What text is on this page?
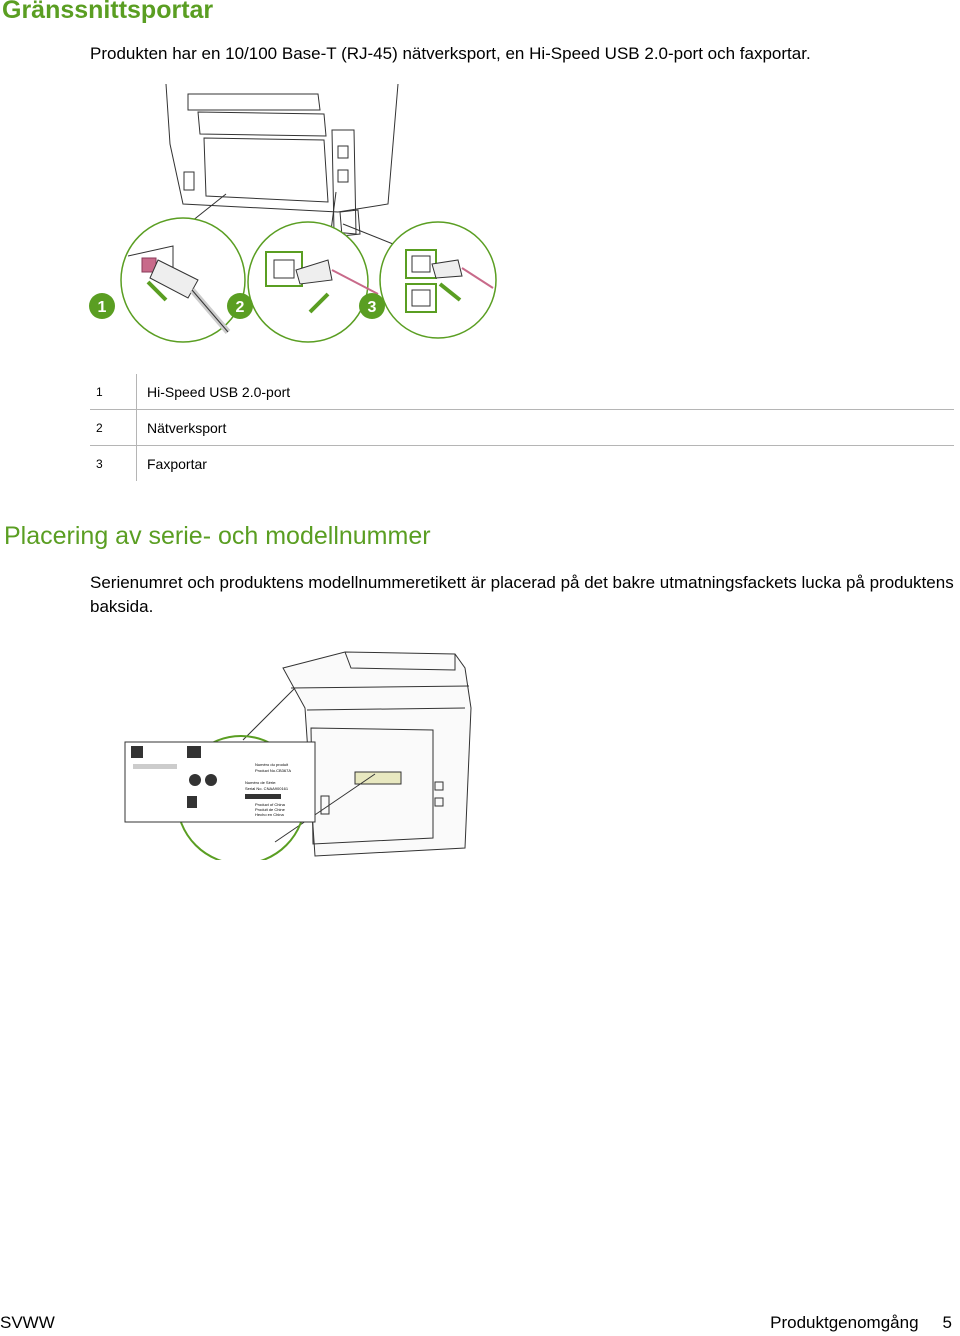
Gränssnittsportar

Produkten har en 10/100 Base-T (RJ-45) nätverksport, en Hi-Speed USB 2.0-port och faxportar.

1	2	3
1	Hi-Speed USB 2.0-port
2	Nätverksport
3	Faxportar
Placering av serie- och modellnummer

Serienumret och produktens modellnummeretikett är placerad på det bakre utmatningsfackets lucka på produktens baksida.

Numéro du produit
Product No.CB367A
Numéro de Série:
Serial No. CNAA900161
Product of China
Produit de Chine
Hecho en China
SVWW	Produktgenomgång 5
